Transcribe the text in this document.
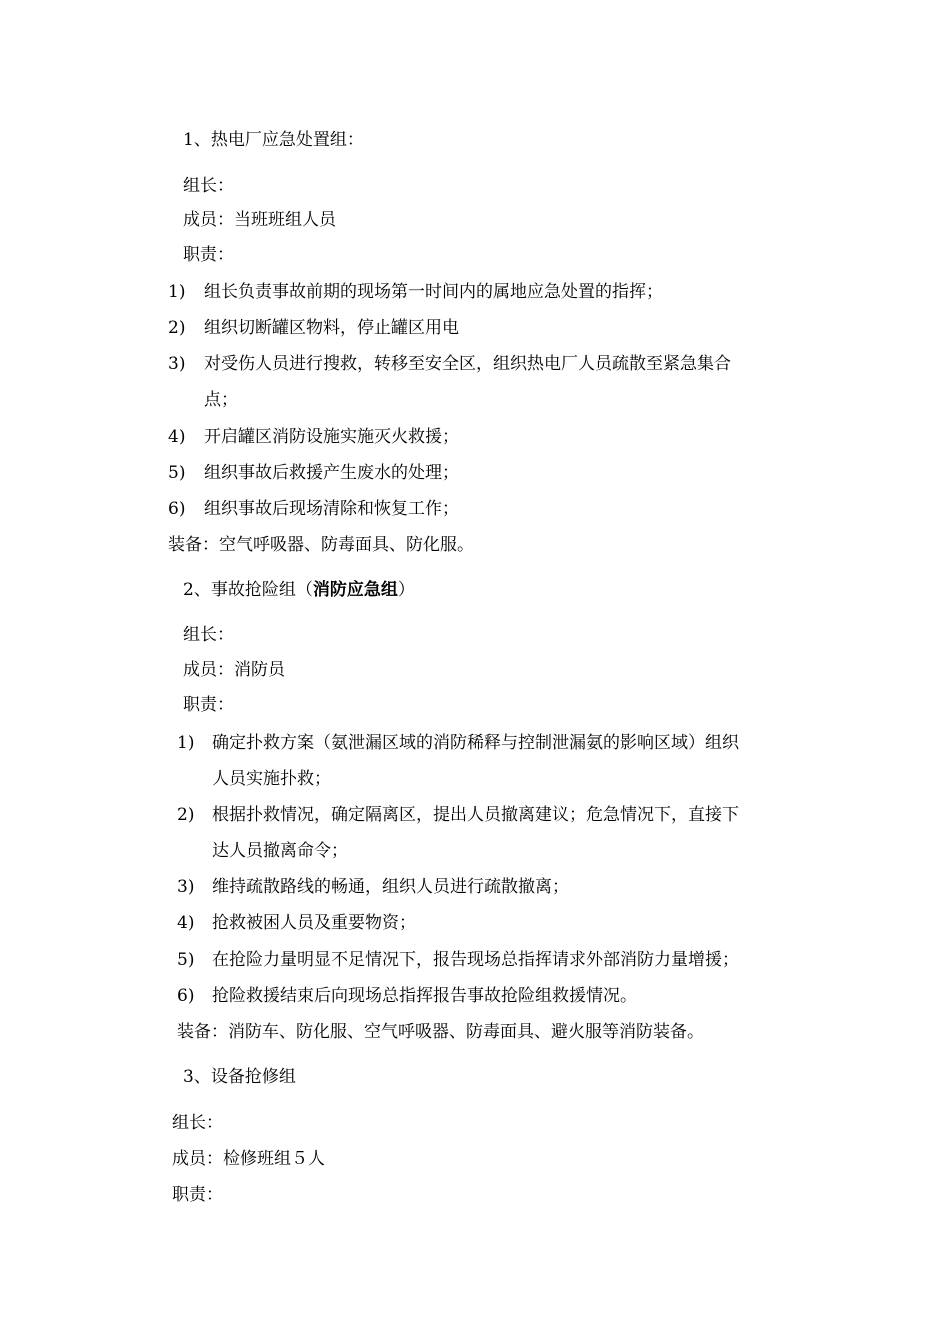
1、热电厂应急处置组：
组长：
成员：当班班组人员
职责：
1) 组长负责事故前期的现场第一时间内的属地应急处置的指挥；
2) 组织切断罐区物料，停止罐区用电
3) 对受伤人员进行搜救，转移至安全区，组织热电厂人员疏散至紧急集合
点；
4) 开启罐区消防设施实施灭火救援；
5) 组织事故后救援产生废水的处理；
6) 组织事故后现场清除和恢复工作；
装备：空气呼吸器、防毒面具、防化服。
2、事故抢险组（消防应急组）
组长：
成员：消防员
职责：
1) 确定扑救方案（氨泄漏区域的消防稀释与控制泄漏氨的影响区域）组织
人员实施扑救；
2) 根据扑救情况，确定隔离区，提出人员撤离建议；危急情况下，直接下
达人员撤离命令；
3) 维持疏散路线的畅通，组织人员进行疏散撤离；
4) 抢救被困人员及重要物资；
5) 在抢险力量明显不足情况下，报告现场总指挥请求外部消防力量增援；
6) 抢险救援结束后向现场总指挥报告事故抢险组救援情况。
装备：消防车、防化服、空气呼吸器、防毒面具、避火服等消防装备。
3、设备抢修组
组长：
成员：检修班组５人
职责：
